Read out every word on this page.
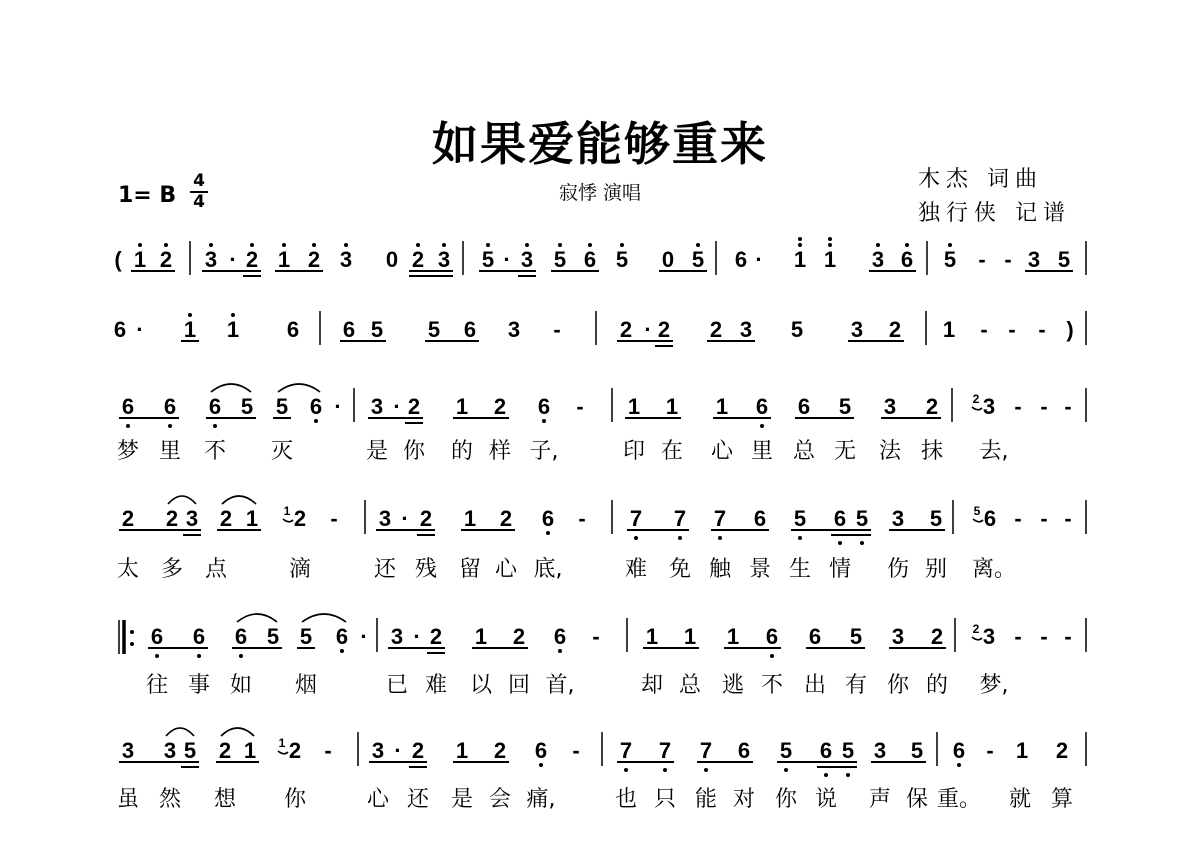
如果爱能够重来
寂悸 演唱
木杰 词曲
独行侠 记谱
1= B
4
4
( 1 2 3 · 2 1 2 3 0 2 3 5 · 3 5 6 5 0 5 6 · 1 1 3 6 5 - - 3 5
6 · 1 1 6 6 5 5 6 3 -	2 · 2 2 3 5 3 2 1 - - - )
6 6 6 5 5 6 · 3 · 2 1 2 6 - 1 1 1 6 6 5 3 2 3 - - -
2
2 2 3 2 1 2 - 3 · 2 1 2 6 - 7 7 7 6 5 6 5 3 5 6 - - -
1	5
6 6 6 5 5 6 · 3 · 2 1 2 6 - 1 1 1 6 6 5 3 2 3 - - -
2
3 3 5 2 1 2 - 3 · 2 1 2 6 - 7 7 7 6 5 6 5 3 5 6 - 1 2
1
梦 里 不 灭	是 你 的 样 子,	印 在 心 里 总 无 法 抹 去,
太 多 点	滴	还 残 留 心 底,	难 免 触 景 生 情 伤 别 离。
往 事 如 烟	已 难 以 回 首,	却 总 逃 不 出 有 你 的 梦,
虽 然 想 你	心 还 是 会 痛,	也 只 能 对 你 说 声 保 重。 就 算
